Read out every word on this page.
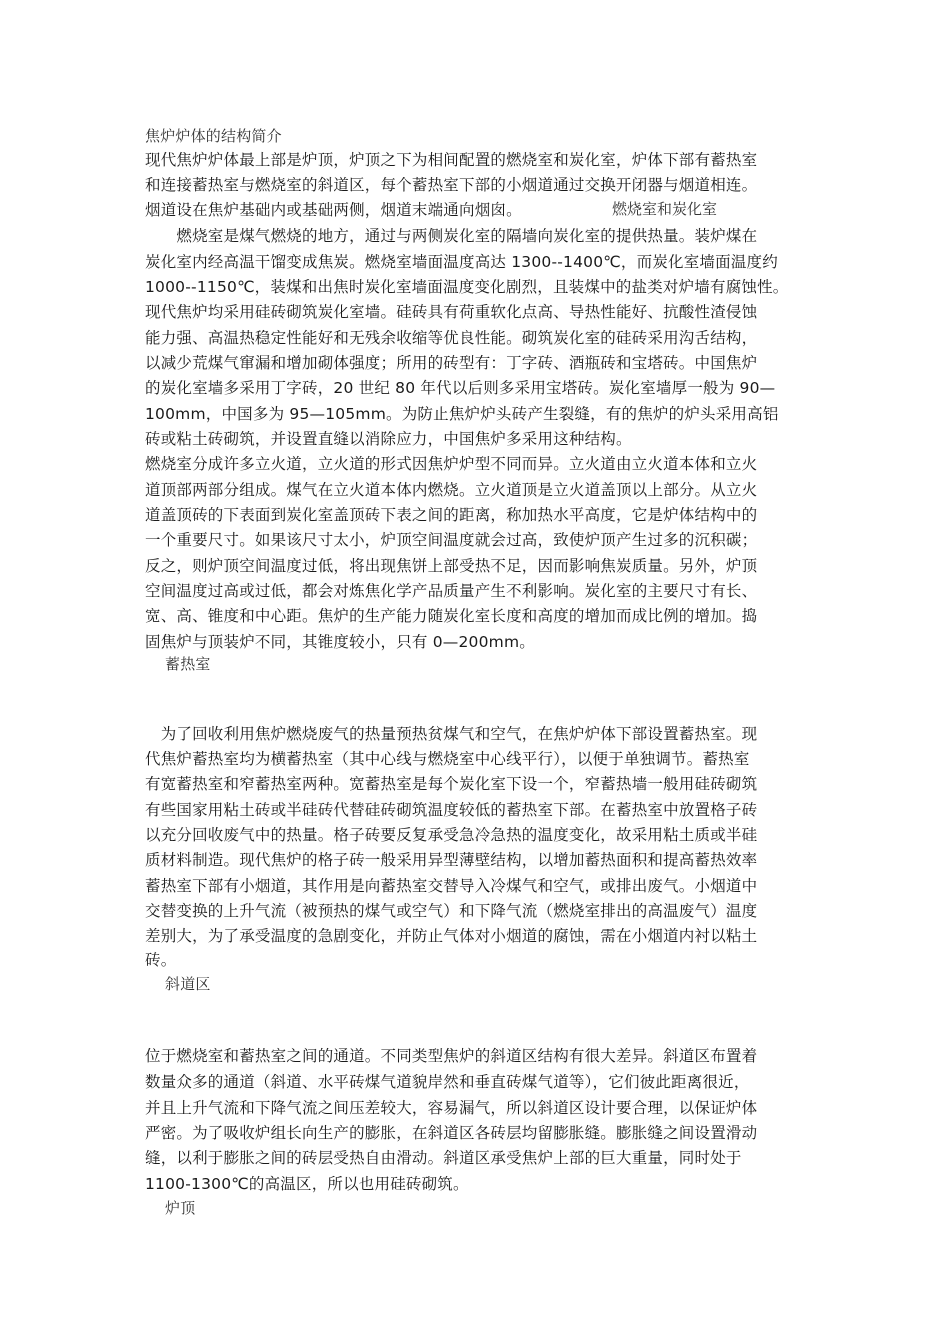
焦炉炉体的结构简介
现代焦炉炉体最上部是炉顶，炉顶之下为相间配置的燃烧室和炭化室，炉体下部有蓄热室
和连接蓄热室与燃烧室的斜道区，每个蓄热室下部的小烟道通过交换开闭器与烟道相连。
烟道设在焦炉基础内或基础两侧，烟道末端通向烟囱。	燃烧室和炭化室
　　燃烧室是煤气燃烧的地方，通过与两侧炭化室的隔墙向炭化室的提供热量。装炉煤在
炭化室内经高温干馏变成焦炭。燃烧室墙面温度高达 1300--1400℃，而炭化室墙面温度约
1000--1150℃，装煤和出焦时炭化室墙面温度变化剧烈，且装煤中的盐类对炉墙有腐蚀性。
现代焦炉均采用硅砖砌筑炭化室墙。硅砖具有荷重软化点高、导热性能好、抗酸性渣侵蚀
能力强、高温热稳定性能好和无残余收缩等优良性能。砌筑炭化室的硅砖采用沟舌结构，
以减少荒煤气窜漏和增加砌体强度；所用的砖型有：丁字砖、酒瓶砖和宝塔砖。中国焦炉
的炭化室墙多采用丁字砖，20 世纪 80 年代以后则多采用宝塔砖。炭化室墙厚一般为 90—
100mm，中国多为 95—105mm。为防止焦炉炉头砖产生裂缝，有的焦炉的炉头采用高铝
砖或粘土砖砌筑，并设置直缝以消除应力，中国焦炉多采用这种结构。
燃烧室分成许多立火道，立火道的形式因焦炉炉型不同而异。立火道由立火道本体和立火
道顶部两部分组成。煤气在立火道本体内燃烧。立火道顶是立火道盖顶以上部分。从立火
道盖顶砖的下表面到炭化室盖顶砖下表之间的距离，称加热水平高度，它是炉体结构中的
一个重要尺寸。如果该尺寸太小，炉顶空间温度就会过高，致使炉顶产生过多的沉积碳；
反之，则炉顶空间温度过低，将出现焦饼上部受热不足，因而影响焦炭质量。另外，炉顶
空间温度过高或过低，都会对炼焦化学产品质量产生不利影响。炭化室的主要尺寸有长、
宽、高、锥度和中心距。焦炉的生产能力随炭化室长度和高度的增加而成比例的增加。捣
固焦炉与顶装炉不同，其锥度较小，只有 0—200mm。
蓄热室
　为了回收利用焦炉燃烧废气的热量预热贫煤气和空气，在焦炉炉体下部设置蓄热室。现
代焦炉蓄热室均为横蓄热室（其中心线与燃烧室中心线平行），以便于单独调节。蓄热室
有宽蓄热室和窄蓄热室两种。宽蓄热室是每个炭化室下设一个，窄蓄热墙一般用硅砖砌筑
有些国家用粘土砖或半硅砖代替硅砖砌筑温度较低的蓄热室下部。在蓄热室中放置格子砖
以充分回收废气中的热量。格子砖要反复承受急冷急热的温度变化，故采用粘土质或半硅
质材料制造。现代焦炉的格子砖一般采用异型薄壁结构，以增加蓄热面积和提高蓄热效率
蓄热室下部有小烟道，其作用是向蓄热室交替导入冷煤气和空气，或排出废气。小烟道中
交替变换的上升气流（被预热的煤气或空气）和下降气流（燃烧室排出的高温废气）温度
差别大，为了承受温度的急剧变化，并防止气体对小烟道的腐蚀，需在小烟道内衬以粘土
砖。
斜道区
位于燃烧室和蓄热室之间的通道。不同类型焦炉的斜道区结构有很大差异。斜道区布置着
数量众多的通道（斜道、水平砖煤气道貌岸然和垂直砖煤气道等），它们彼此距离很近，
并且上升气流和下降气流之间压差较大，容易漏气，所以斜道区设计要合理，以保证炉体
严密。为了吸收炉组长向生产的膨胀，在斜道区各砖层均留膨胀缝。膨胀缝之间设置滑动
缝，以利于膨胀之间的砖层受热自由滑动。斜道区承受焦炉上部的巨大重量，同时处于
1100-1300℃的高温区，所以也用硅砖砌筑。
炉顶
